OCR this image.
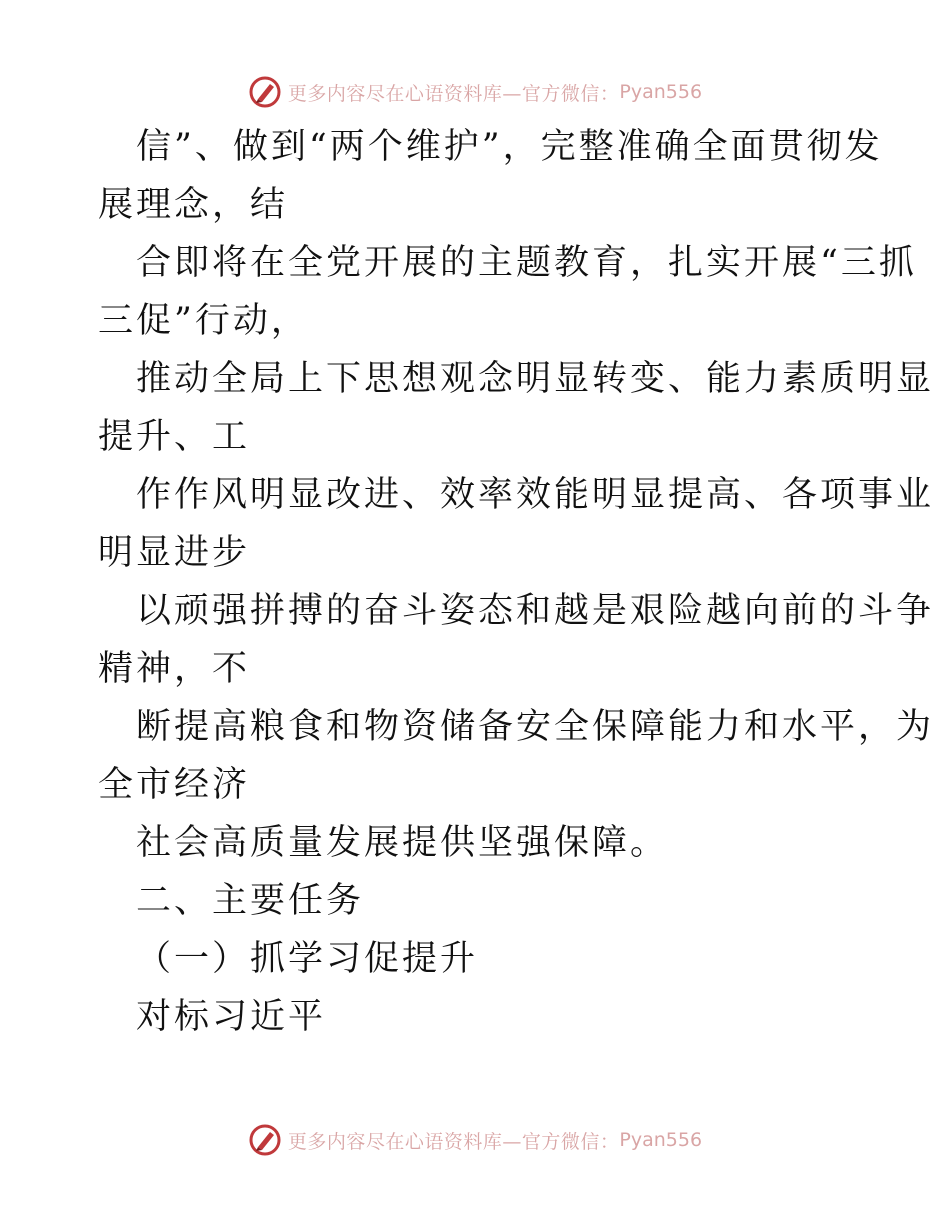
更多内容尽在心语资料库—官方微信： Pyan556
信”、做到“两个维护”，完整准确全面贯彻发
展理念，结
合即将在全党开展的主题教育，扎实开展“三抓
三促”行动，
推动全局上下思想观念明显转变、能力素质明显
提升、工
作作风明显改进、效率效能明显提高、各项事业
明显进步
以顽强拼搏的奋斗姿态和越是艰险越向前的斗争
精神，不
断提高粮食和物资储备安全保障能力和水平，为
全市经济
社会高质量发展提供坚强保障。
二、主要任务
（一）抓学习促提升
对标习近平
更多内容尽在心语资料库—官方微信： Pyan556
